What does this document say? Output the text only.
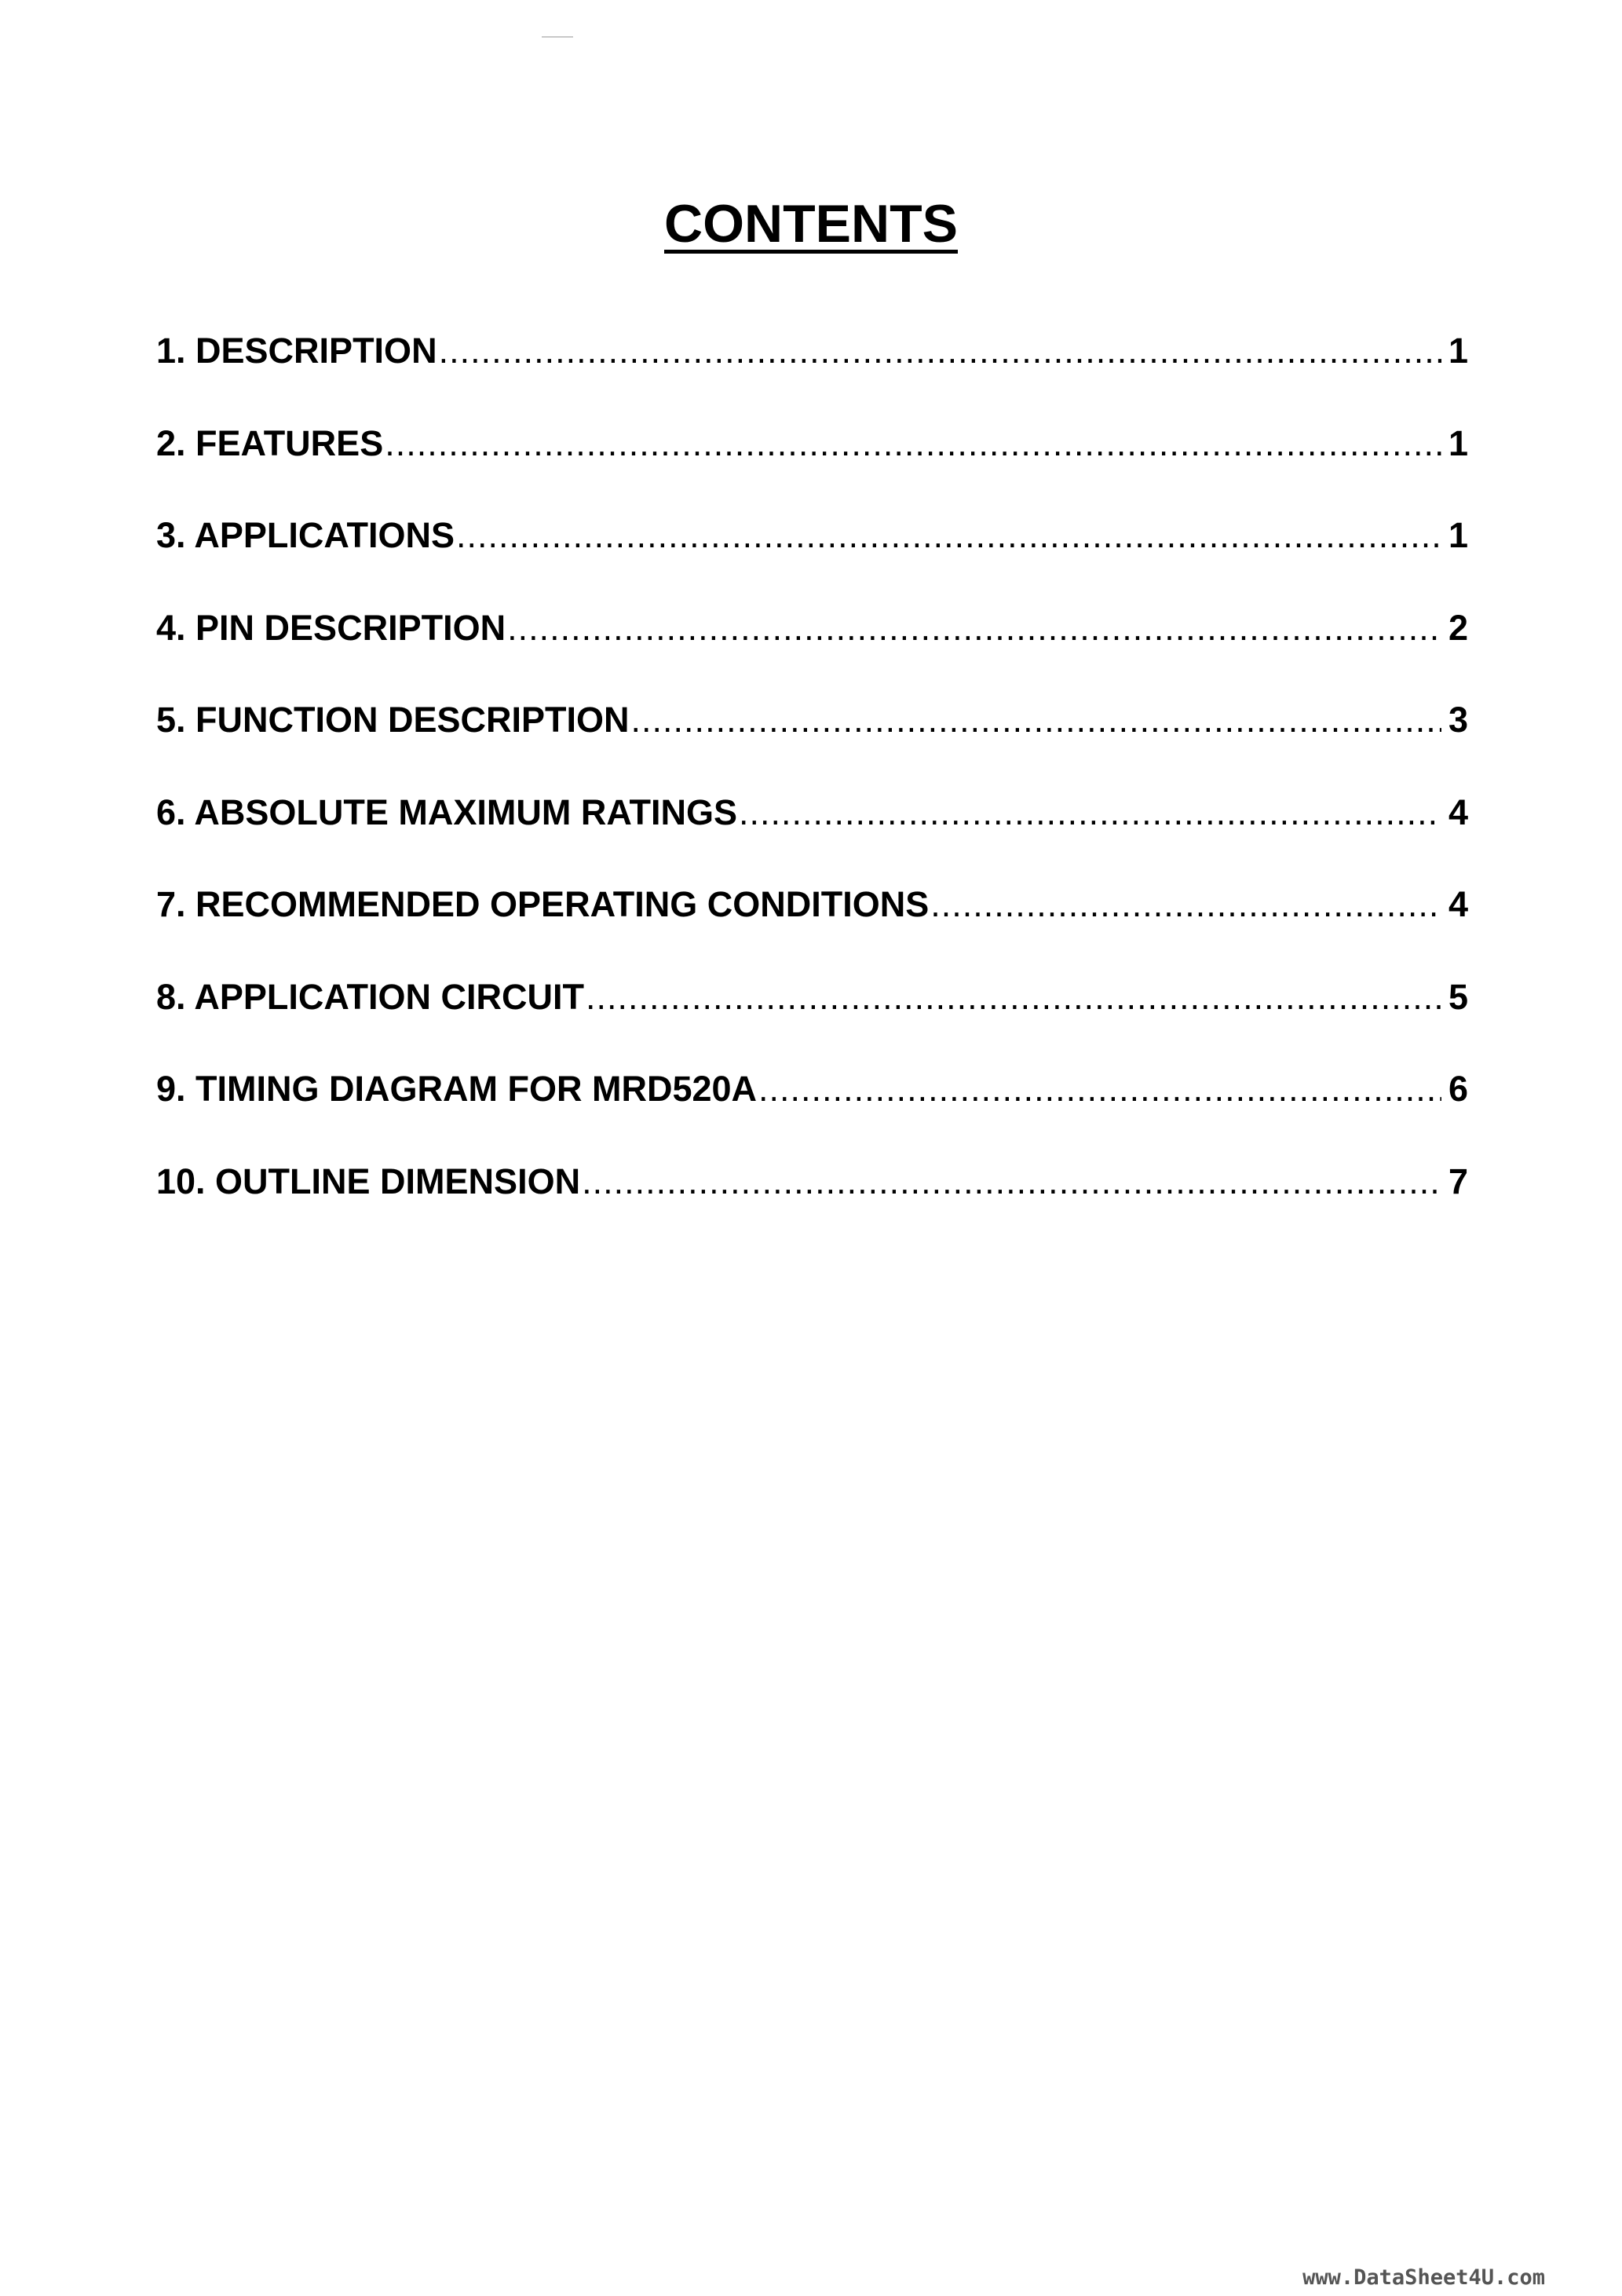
CONTENTS
1. DESCRIPTION .....	1
2. FEATURES .....	1
3. APPLICATIONS .....	1
4. PIN DESCRIPTION .....	2
5. FUNCTION DESCRIPTION .....	3
6. ABSOLUTE MAXIMUM RATINGS .....	4
7. RECOMMENDED OPERATING CONDITIONS .....	4
8. APPLICATION CIRCUIT .....	5
9. TIMING DIAGRAM FOR MRD520A .....	6
10. OUTLINE DIMENSION .....	7
www.DataSheet4U.com
